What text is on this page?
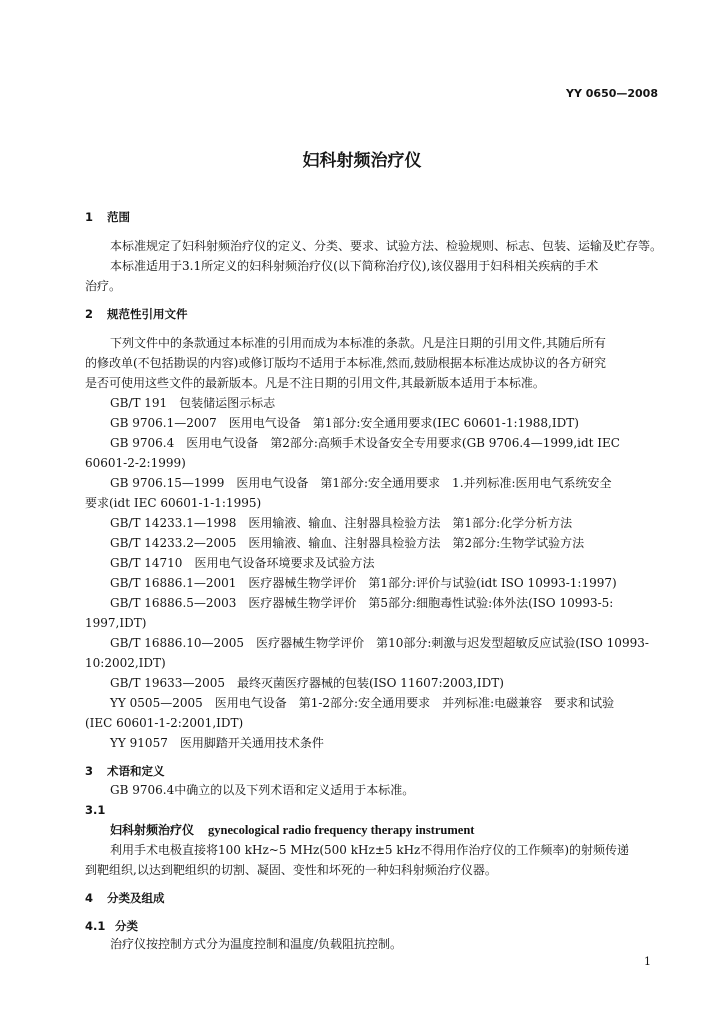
YY 0650—2008
妇科射频治疗仪
1 范围
本标准规定了妇科射频治疗仪的定义、分类、要求、试验方法、检验规则、标志、包装、运输及贮存等。
本标准适用于3.1所定义的妇科射频治疗仪(以下简称治疗仪),该仪器用于妇科相关疾病的手术
治疗。
2 规范性引用文件
下列文件中的条款通过本标准的引用而成为本标准的条款。凡是注日期的引用文件,其随后所有
的修改单(不包括勘误的内容)或修订版均不适用于本标准,然而,鼓励根据本标准达成协议的各方研究
是否可使用这些文件的最新版本。凡是不注日期的引用文件,其最新版本适用于本标准。
GB/T 191　包装储运图示标志
GB 9706.1—2007　医用电气设备　第1部分:安全通用要求(IEC 60601-1:1988,IDT)
GB 9706.4　医用电气设备　第2部分:高频手术设备安全专用要求(GB 9706.4—1999,idt IEC
60601-2-2:1999)
GB 9706.15—1999　医用电气设备　第1部分:安全通用要求　1.并列标准:医用电气系统安全
要求(idt IEC 60601-1-1:1995)
GB/T 14233.1—1998　医用输液、输血、注射器具检验方法　第1部分:化学分析方法
GB/T 14233.2—2005　医用输液、输血、注射器具检验方法　第2部分:生物学试验方法
GB/T 14710　医用电气设备环境要求及试验方法
GB/T 16886.1—2001　医疗器械生物学评价　第1部分:评价与试验(idt ISO 10993-1:1997)
GB/T 16886.5—2003　医疗器械生物学评价　第5部分:细胞毒性试验:体外法(ISO 10993-5:
1997,IDT)
GB/T 16886.10—2005　医疗器械生物学评价　第10部分:刺激与迟发型超敏反应试验(ISO 10993-
10:2002,IDT)
GB/T 19633—2005　最终灭菌医疗器械的包装(ISO 11607:2003,IDT)
YY 0505—2005　医用电气设备　第1-2部分:安全通用要求　并列标准:电磁兼容　要求和试验
(IEC 60601-1-2:2001,IDT)
YY 91057　医用脚踏开关通用技术条件
3 术语和定义
GB 9706.4中确立的以及下列术语和定义适用于本标准。
3.1
妇科射频治疗仪 gynecological radio frequency therapy instrument
利用手术电极直接将100 kHz~5 MHz(500 kHz±5 kHz不得用作治疗仪的工作频率)的射频传递
到靶组织,以达到靶组织的切割、凝固、变性和坏死的一种妇科射频治疗仪器。
4 分类及组成
4.1 分类
治疗仪按控制方式分为温度控制和温度/负载阻抗控制。
1
